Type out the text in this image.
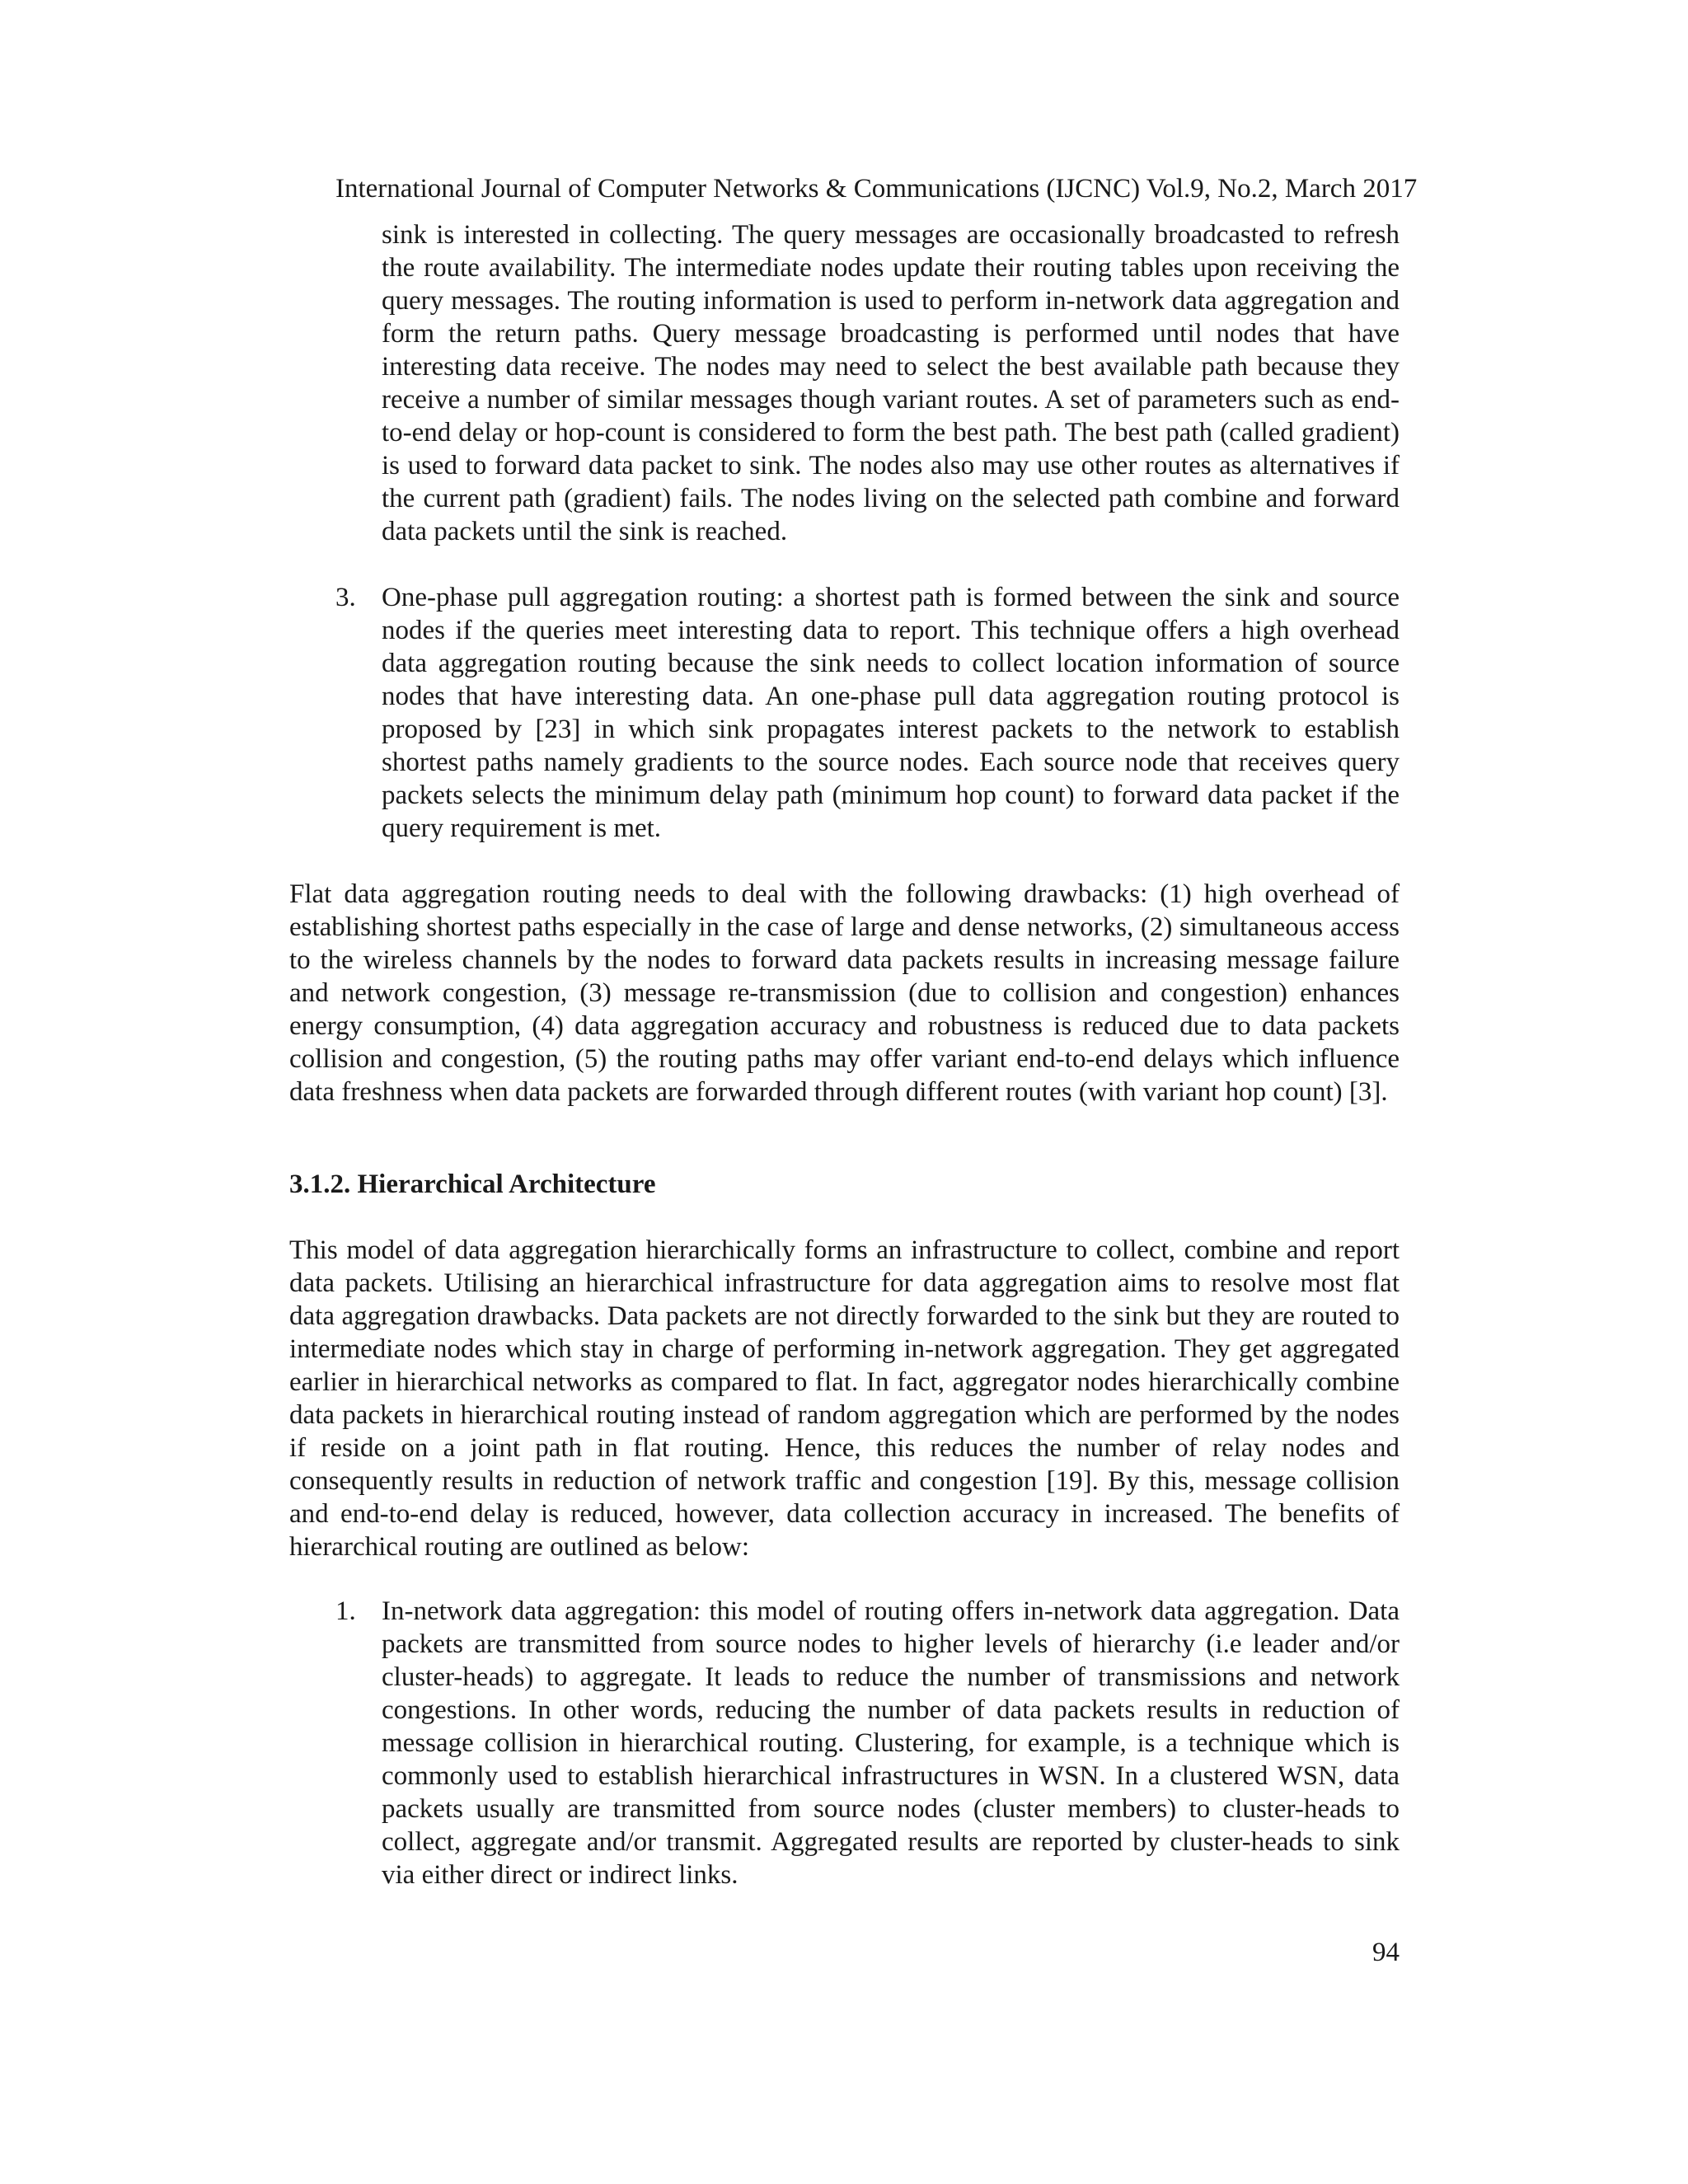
International Journal of Computer Networks & Communications (IJCNC) Vol.9, No.2, March 2017
sink is interested in collecting. The query messages are occasionally broadcasted to refresh the route availability. The intermediate nodes update their routing tables upon receiving the query messages. The routing information is used to perform in-network data aggregation and form the return paths. Query message broadcasting is performed until nodes that have interesting data receive. The nodes may need to select the best available path because they receive a number of similar messages though variant routes. A set of parameters such as end-to-end delay or hop-count is considered to form the best path. The best path (called gradient) is used to forward data packet to sink. The nodes also may use other routes as alternatives if the current path (gradient) fails. The nodes living on the selected path combine and forward data packets until the sink is reached.
3. One-phase pull aggregation routing: a shortest path is formed between the sink and source nodes if the queries meet interesting data to report. This technique offers a high overhead data aggregation routing because the sink needs to collect location information of source nodes that have interesting data. An one-phase pull data aggregation routing protocol is proposed by [23] in which sink propagates interest packets to the network to establish shortest paths namely gradients to the source nodes. Each source node that receives query packets selects the minimum delay path (minimum hop count) to forward data packet if the query requirement is met.
Flat data aggregation routing needs to deal with the following drawbacks: (1) high overhead of establishing shortest paths especially in the case of large and dense networks, (2) simultaneous access to the wireless channels by the nodes to forward data packets results in increasing message failure and network congestion, (3) message re-transmission (due to collision and congestion) enhances energy consumption, (4) data aggregation accuracy and robustness is reduced due to data packets collision and congestion, (5) the routing paths may offer variant end-to-end delays which influence data freshness when data packets are forwarded through different routes (with variant hop count) [3].
3.1.2. Hierarchical Architecture
This model of data aggregation hierarchically forms an infrastructure to collect, combine and report data packets. Utilising an hierarchical infrastructure for data aggregation aims to resolve most flat data aggregation drawbacks. Data packets are not directly forwarded to the sink but they are routed to intermediate nodes which stay in charge of performing in-network aggregation. They get aggregated earlier in hierarchical networks as compared to flat. In fact, aggregator nodes hierarchically combine data packets in hierarchical routing instead of random aggregation which are performed by the nodes if reside on a joint path in flat routing. Hence, this reduces the number of relay nodes and consequently results in reduction of network traffic and congestion [19]. By this, message collision and end-to-end delay is reduced, however, data collection accuracy in increased. The benefits of hierarchical routing are outlined as below:
1. In-network data aggregation: this model of routing offers in-network data aggregation. Data packets are transmitted from source nodes to higher levels of hierarchy (i.e leader and/or cluster-heads) to aggregate. It leads to reduce the number of transmissions and network congestions. In other words, reducing the number of data packets results in reduction of message collision in hierarchical routing. Clustering, for example, is a technique which is commonly used to establish hierarchical infrastructures in WSN. In a clustered WSN, data packets usually are transmitted from source nodes (cluster members) to cluster-heads to collect, aggregate and/or transmit. Aggregated results are reported by cluster-heads to sink via either direct or indirect links.
94
